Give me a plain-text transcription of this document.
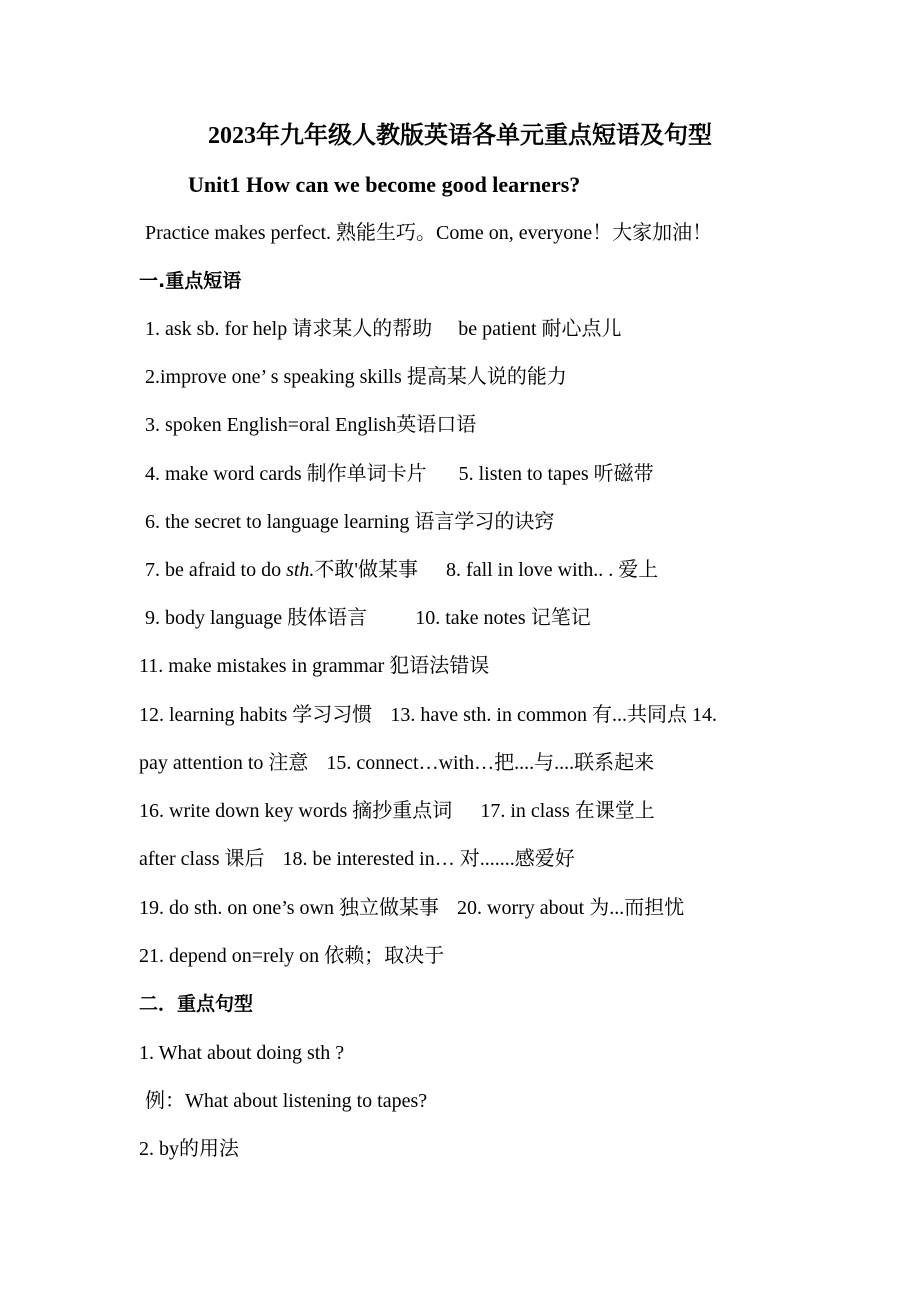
2023年九年级人教版英语各单元重点短语及句型
Unit1 How can we become good learners?
Practice makes perfect. 熟能生巧。Come on, everyone！大家加油！
一.重点短语
1. ask sb. for help 请求某人的帮助 be patient 耐心点儿
2.improve one’ s speaking skills 提高某人说的能力
3. spoken English=oral English英语口语
4. make word cards 制作单词卡片 5. listen to tapes 听磁带
6. the secret to language learning 语言学习的诀窍
7. be afraid to do sth.不敢'做某事 8. fall in love with.. . 爱上
9. body language 肢体语言 10. take notes 记笔记
11. make mistakes in grammar 犯语法错误
12. learning habits 学习习惯 13. have sth. in common 有...共同点 14.
pay attention to 注意 15. connect…with…把....与....联系起来
16. write down key words 摘抄重点词 17. in class 在课堂上
after class 课后 18. be interested in… 对.......感爱好
19. do sth. on one’s own 独立做某事 20. worry about 为...而担忧
21. depend on=rely on 依赖；取决于
二．重点句型
1. What about doing sth ?
例：What about listening to tapes?
2. by的用法
